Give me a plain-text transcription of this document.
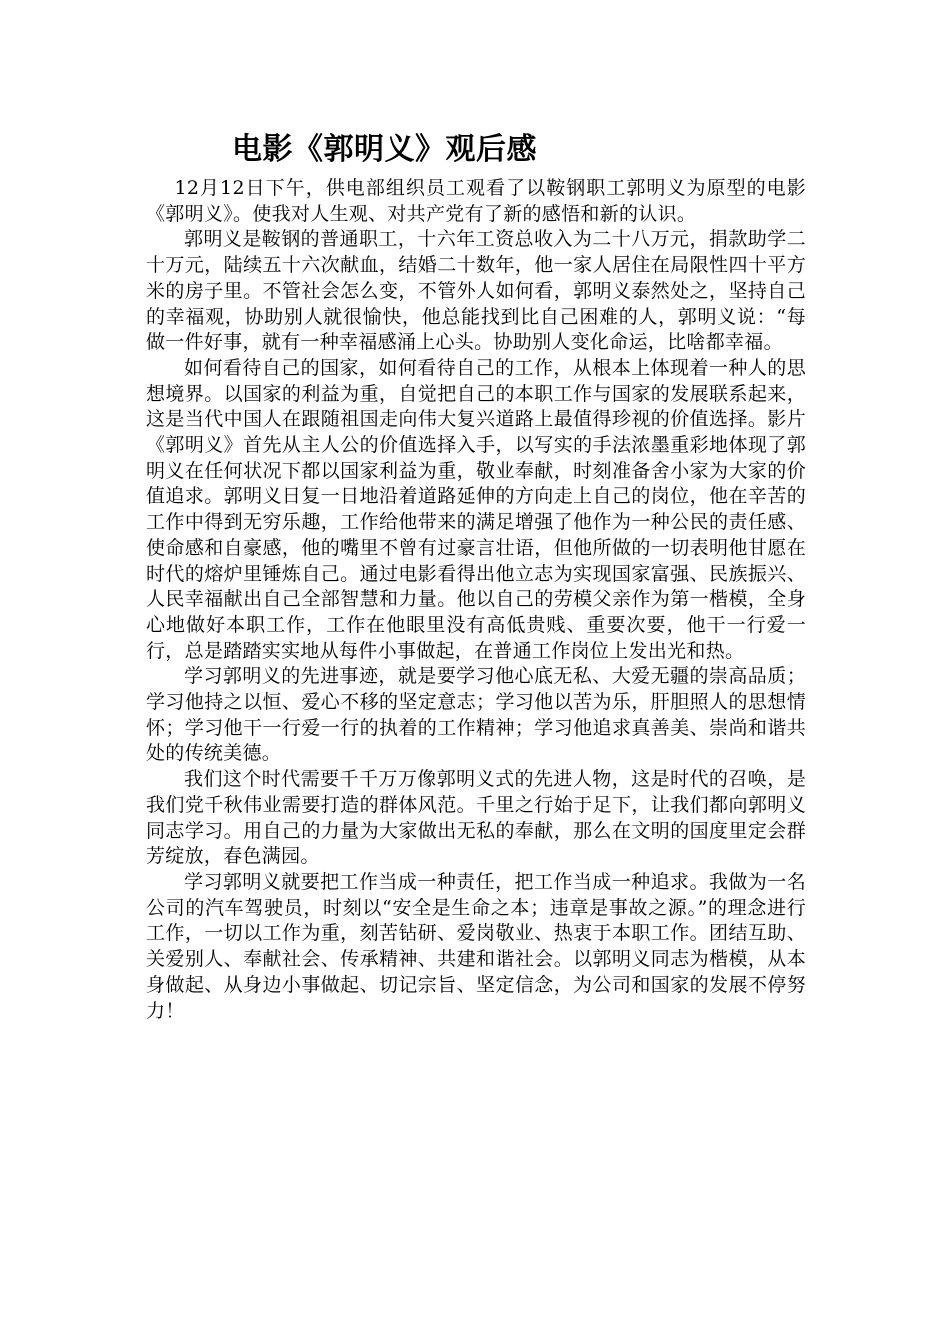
电影《郭明义》观后感

12月12日下午，供电部组织员工观看了以鞍钢职工郭明义为原型的电影《郭明义》。使我对人生观、对共产党有了新的感悟和新的认识。

郭明义是鞍钢的普通职工，十六年工资总收入为二十八万元，捐款助学二十万元，陆续五十六次献血，结婚二十数年，他一家人居住在局限性四十平方米的房子里。不管社会怎么变，不管外人如何看，郭明义泰然处之，坚持自己的幸福观，协助别人就很愉快，他总能找到比自己困难的人，郭明义说：“每做一件好事，就有一种幸福感涌上心头。协助别人变化命运，比啥都幸福。

如何看待自己的国家，如何看待自己的工作，从根本上体现着一种人的思想境界。以国家的利益为重，自觉把自己的本职工作与国家的发展联系起来，这是当代中国人在跟随祖国走向伟大复兴道路上最值得珍视的价值选择。影片《郭明义》首先从主人公的价值选择入手，以写实的手法浓墨重彩地体现了郭明义在任何状况下都以国家利益为重，敬业奉献，时刻准备舍小家为大家的价值追求。郭明义日复一日地沿着道路延伸的方向走上自己的岗位，他在辛苦的工作中得到无穷乐趣，工作给他带来的满足增强了他作为一种公民的责任感、使命感和自豪感，他的嘴里不曾有过豪言壮语，但他所做的一切表明他甘愿在时代的熔炉里锤炼自己。通过电影看得出他立志为实现国家富强、民族振兴、人民幸福献出自己全部智慧和力量。他以自己的劳模父亲作为第一楷模，全身心地做好本职工作，工作在他眼里没有高低贵贱、重要次要，他干一行爱一行，总是踏踏实实地从每件小事做起，在普通工作岗位上发出光和热。

学习郭明义的先进事迹，就是要学习他心底无私、大爱无疆的崇高品质；学习他持之以恒、爱心不移的坚定意志；学习他以苦为乐，肝胆照人的思想情怀；学习他干一行爱一行的执着的工作精神；学习他追求真善美、崇尚和谐共处的传统美德。

我们这个时代需要千千万万像郭明义式的先进人物，这是时代的召唤，是我们党千秋伟业需要打造的群体风范。千里之行始于足下，让我们都向郭明义同志学习。用自己的力量为大家做出无私的奉献，那么在文明的国度里定会群芳绽放，春色满园。

学习郭明义就要把工作当成一种责任，把工作当成一种追求。我做为一名公司的汽车驾驶员，时刻以“安全是生命之本；违章是事故之源。”的理念进行工作，一切以工作为重，刻苦钻研、爱岗敬业、热衷于本职工作。团结互助、关爱别人、奉献社会、传承精神、共建和谐社会。以郭明义同志为楷模，从本身做起、从身边小事做起、切记宗旨、坚定信念，为公司和国家的发展不停努力！
